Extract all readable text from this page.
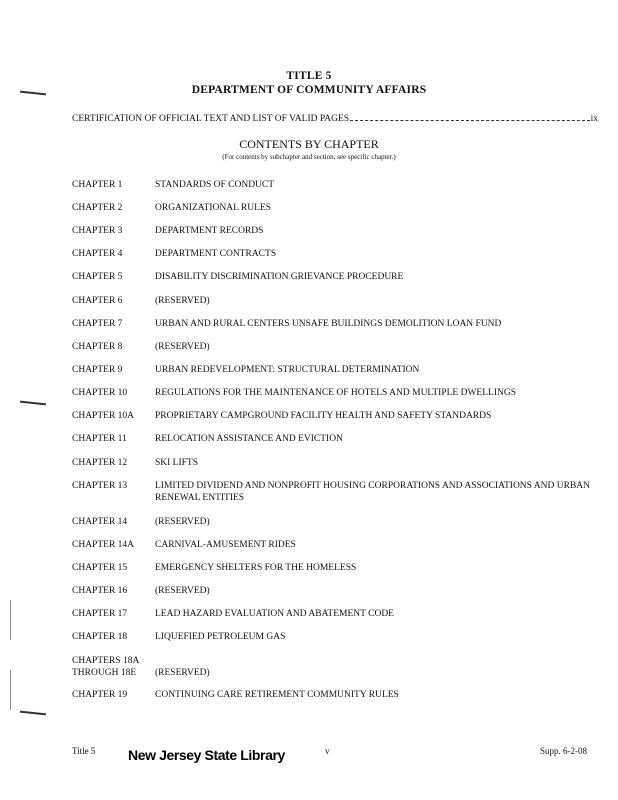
TITLE 5
DEPARTMENT OF COMMUNITY AFFAIRS
CERTIFICATION OF OFFICIAL TEXT AND LIST OF VALID PAGES	ix
CONTENTS BY CHAPTER
(For contents by subchapter and section, see specific chapter.)
CHAPTER 1	STANDARDS OF CONDUCT
CHAPTER 2	ORGANIZATIONAL RULES
CHAPTER 3	DEPARTMENT RECORDS
CHAPTER 4	DEPARTMENT CONTRACTS
CHAPTER 5	DISABILITY DISCRIMINATION GRIEVANCE PROCEDURE
CHAPTER 6	(RESERVED)
CHAPTER 7	URBAN AND RURAL CENTERS UNSAFE BUILDINGS DEMOLITION LOAN FUND
CHAPTER 8	(RESERVED)
CHAPTER 9	URBAN REDEVELOPMENT: STRUCTURAL DETERMINATION
CHAPTER 10	REGULATIONS FOR THE MAINTENANCE OF HOTELS AND MULTIPLE DWELLINGS
CHAPTER 10A	PROPRIETARY CAMPGROUND FACILITY HEALTH AND SAFETY STANDARDS
CHAPTER 11	RELOCATION ASSISTANCE AND EVICTION
CHAPTER 12	SKI LIFTS
CHAPTER 13	LIMITED DIVIDEND AND NONPROFIT HOUSING CORPORATIONS AND ASSOCIATIONS AND URBAN RENEWAL ENTITIES
CHAPTER 14	(RESERVED)
CHAPTER 14A	CARNIVAL-AMUSEMENT RIDES
CHAPTER 15	EMERGENCY SHELTERS FOR THE HOMELESS
CHAPTER 16	(RESERVED)
CHAPTER 17	LEAD HAZARD EVALUATION AND ABATEMENT CODE
CHAPTER 18	LIQUEFIED PETROLEUM GAS
CHAPTERS 18A THROUGH 18E	(RESERVED)
CHAPTER 19	CONTINUING CARE RETIREMENT COMMUNITY RULES
Title 5 New Jersey State Library	v	Supp. 6-2-08
